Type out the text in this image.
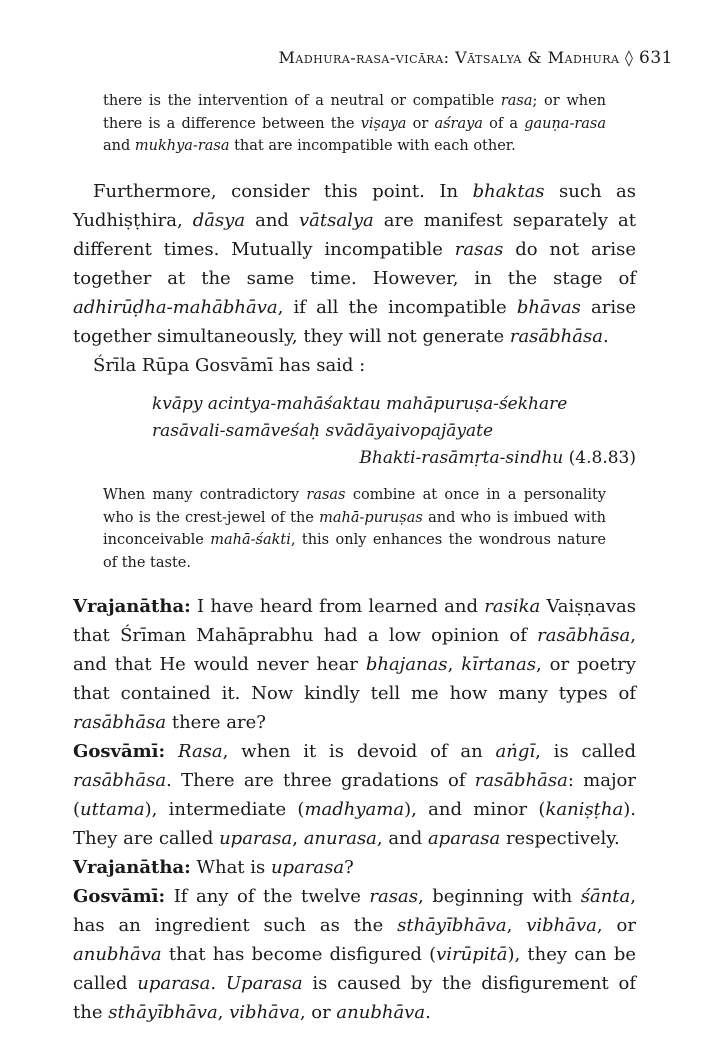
Madhura-rasa-vicāra: Vātsalya & Madhura ◊ 631

there is the intervention of a neutral or compatible rasa; or when there is a difference between the viṣaya or aśraya of a gauṇa-rasa and mukhya-rasa that are incompatible with each other.

Furthermore, consider this point. In bhaktas such as Yudhiṣṭhira, dāsya and vātsalya are manifest separately at different times. Mutually incompatible rasas do not arise together at the same time. However, in the stage of adhirūḍha-mahābhāva, if all the incompatible bhāvas arise together simultaneously, they will not generate rasābhāsa.

Śrīla Rūpa Gosvāmī has said :

kvāpy acintya-mahāśaktau mahāpuruṣa-śekhare
rasāvali-samāveśaḥ svādāyaivopajāyate
Bhakti-rasāmṛta-sindhu (4.8.83)

When many contradictory rasas combine at once in a personality who is the crest-jewel of the mahā-puruṣas and who is imbued with inconceivable mahā-śakti, this only enhances the wondrous nature of the taste.

Vrajanātha: I have heard from learned and rasika Vaiṣṇavas that Śrīman Mahāprabhu had a low opinion of rasābhāsa, and that He would never hear bhajanas, kīrtanas, or poetry that contained it. Now kindly tell me how many types of rasābhāsa there are?

Gosvāmī: Rasa, when it is devoid of an aṅgī, is called rasābhāsa. There are three gradations of rasābhāsa: major (uttama), intermediate (madhyama), and minor (kaniṣṭha). They are called uparasa, anurasa, and aparasa respectively.

Vrajanātha: What is uparasa?

Gosvāmī: If any of the twelve rasas, beginning with śānta, has an ingredient such as the sthāyībhāva, vibhāva, or anubhāva that has become disfigured (virūpitā), they can be called uparasa. Uparasa is caused by the disfigurement of the sthāyībhāva, vibhāva, or anubhāva.
